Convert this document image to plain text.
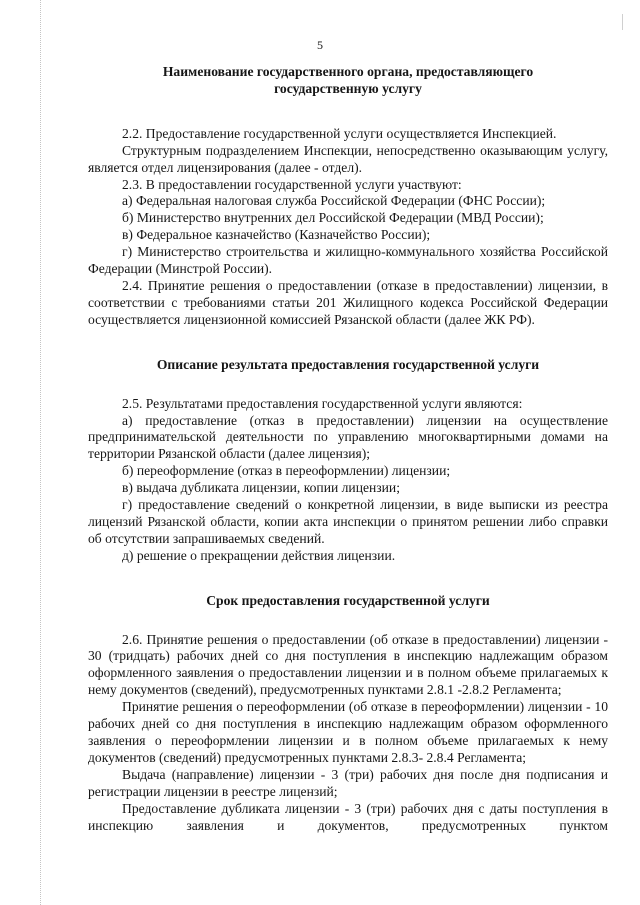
5
Наименование государственного органа, предоставляющего
государственную услугу
2.2. Предоставление государственной услуги осуществляется Инспекцией.
Структурным подразделением Инспекции, непосредственно оказывающим услугу, является отдел лицензирования (далее - отдел).
2.3. В предоставлении государственной услуги участвуют:
а) Федеральная налоговая служба Российской Федерации (ФНС России);
б) Министерство внутренних дел Российской Федерации (МВД России);
в) Федеральное казначейство (Казначейство России);
г) Министерство строительства и жилищно-коммунального хозяйства Российской Федерации (Минстрой России).
2.4. Принятие решения о предоставлении (отказе в предоставлении) лицензии, в соответствии с требованиями статьи 201 Жилищного кодекса Российской Федерации осуществляется лицензионной комиссией Рязанской области (далее ЖК РФ).
Описание результата предоставления государственной услуги
2.5. Результатами предоставления государственной услуги являются:
а) предоставление (отказ в предоставлении) лицензии на осуществление предпринимательской деятельности по управлению многоквартирными домами на территории Рязанской области (далее лицензия);
б) переоформление (отказ в переоформлении) лицензии;
в) выдача дубликата лицензии, копии лицензии;
г) предоставление сведений о конкретной лицензии, в виде выписки из реестра лицензий Рязанской области, копии акта инспекции о принятом решении либо справки об отсутствии запрашиваемых сведений.
д) решение о прекращении действия лицензии.
Срок предоставления государственной услуги
2.6. Принятие решения о предоставлении (об отказе в предоставлении) лицензии - 30 (тридцать) рабочих дней со дня поступления в инспекцию надлежащим образом оформленного заявления о предоставлении лицензии и в полном объеме прилагаемых к нему документов (сведений), предусмотренных пунктами 2.8.1 -2.8.2 Регламента;
Принятие решения о переоформлении (об отказе в переоформлении) лицензии - 10 рабочих дней со дня поступления в инспекцию надлежащим образом оформленного заявления о переоформлении лицензии и в полном объеме прилагаемых к нему документов (сведений) предусмотренных пунктами 2.8.3- 2.8.4 Регламента;
Выдача (направление) лицензии - 3 (три) рабочих дня после дня подписания и регистрации лицензии в реестре лицензий;
Предоставление дубликата лицензии - 3 (три) рабочих дня с даты поступления в инспекцию заявления и документов, предусмотренных пунктом
